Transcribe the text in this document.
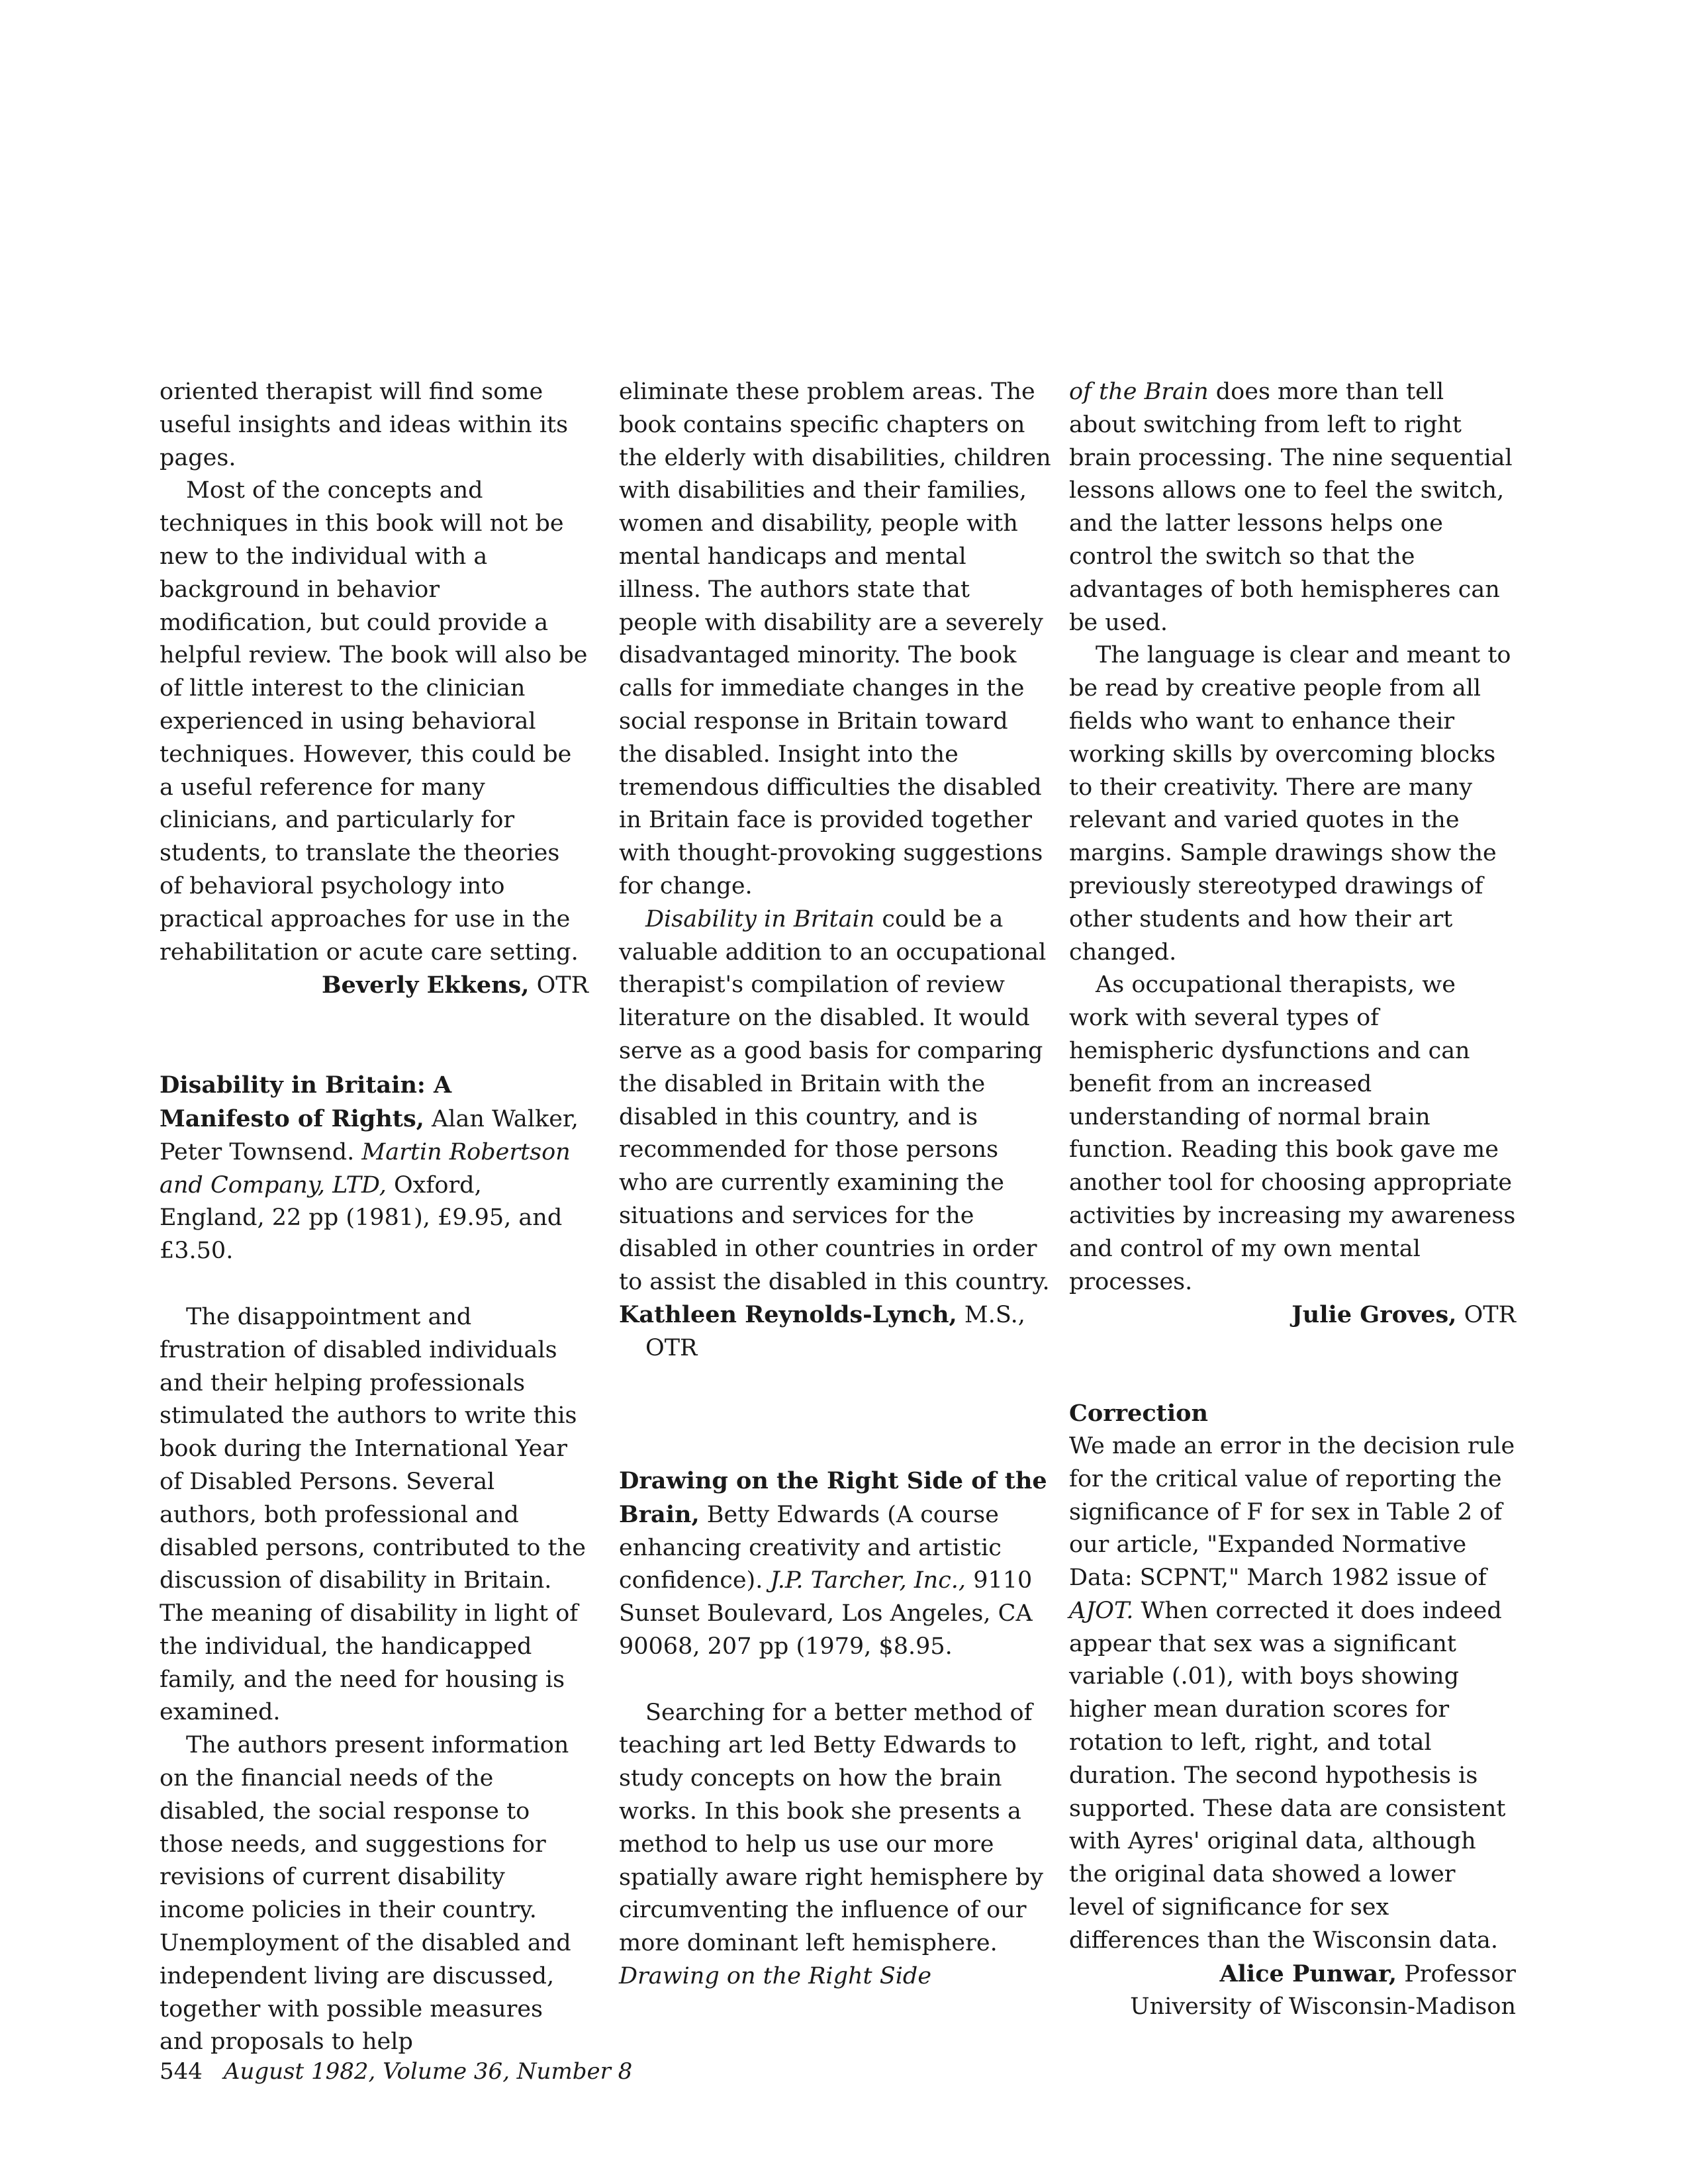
oriented therapist will find some useful insights and ideas within its pages.

Most of the concepts and techniques in this book will not be new to the individual with a background in behavior modification, but could provide a helpful review. The book will also be of little interest to the clinician experienced in using behavioral techniques. However, this could be a useful reference for many clinicians, and particularly for students, to translate the theories of behavioral psychology into practical approaches for use in the rehabilitation or acute care setting.

Beverly Ekkens, OTR

Disability in Britain: A Manifesto of Rights, Alan Walker, Peter Townsend. Martin Robertson and Company, LTD, Oxford, England, 22 pp (1981), £9.95, and £3.50.

The disappointment and frustration of disabled individuals and their helping professionals stimulated the authors to write this book during the International Year of Disabled Persons. Several authors, both professional and disabled persons, contributed to the discussion of disability in Britain. The meaning of disability in light of the individual, the handicapped family, and the need for housing is examined.

The authors present information on the financial needs of the disabled, the social response to those needs, and suggestions for revisions of current disability income policies in their country. Unemployment of the disabled and independent living are discussed, together with possible measures and proposals to help

eliminate these problem areas. The book contains specific chapters on the elderly with disabilities, children with disabilities and their families, women and disability, people with mental handicaps and mental illness. The authors state that people with disability are a severely disadvantaged minority. The book calls for immediate changes in the social response in Britain toward the disabled. Insight into the tremendous difficulties the disabled in Britain face is provided together with thought-provoking suggestions for change.

Disability in Britain could be a valuable addition to an occupational therapist's compilation of review literature on the disabled. It would serve as a good basis for comparing the disabled in Britain with the disabled in this country, and is recommended for those persons who are currently examining the situations and services for the disabled in other countries in order to assist the disabled in this country.

Kathleen Reynolds-Lynch, M.S.,

OTR

Drawing on the Right Side of the Brain, Betty Edwards (A course enhancing creativity and artistic confidence). J.P. Tarcher, Inc., 9110 Sunset Boulevard, Los Angeles, CA 90068, 207 pp (1979, $8.95.

Searching for a better method of teaching art led Betty Edwards to study concepts on how the brain works. In this book she presents a method to help us use our more spatially aware right hemisphere by circumventing the influence of our more dominant left hemisphere. Drawing on the Right Side

of the Brain does more than tell about switching from left to right brain processing. The nine sequential lessons allows one to feel the switch, and the latter lessons helps one control the switch so that the advantages of both hemispheres can be used.

The language is clear and meant to be read by creative people from all fields who want to enhance their working skills by overcoming blocks to their creativity. There are many relevant and varied quotes in the margins. Sample drawings show the previously stereotyped drawings of other students and how their art changed.

As occupational therapists, we work with several types of hemispheric dysfunctions and can benefit from an increased understanding of normal brain function. Reading this book gave me another tool for choosing appropriate activities by increasing my awareness and control of my own mental processes.

Julie Groves, OTR

Correction

We made an error in the decision rule for the critical value of reporting the significance of F for sex in Table 2 of our article, "Expanded Normative Data: SCPNT," March 1982 issue of AJOT. When corrected it does indeed appear that sex was a significant variable (.01), with boys showing higher mean duration scores for rotation to left, right, and total duration. The second hypothesis is supported. These data are consistent with Ayres' original data, although the original data showed a lower level of significance for sex differences than the Wisconsin data.

Alice Punwar, Professor

University of Wisconsin-Madison

544 August 1982, Volume 36, Number 8
